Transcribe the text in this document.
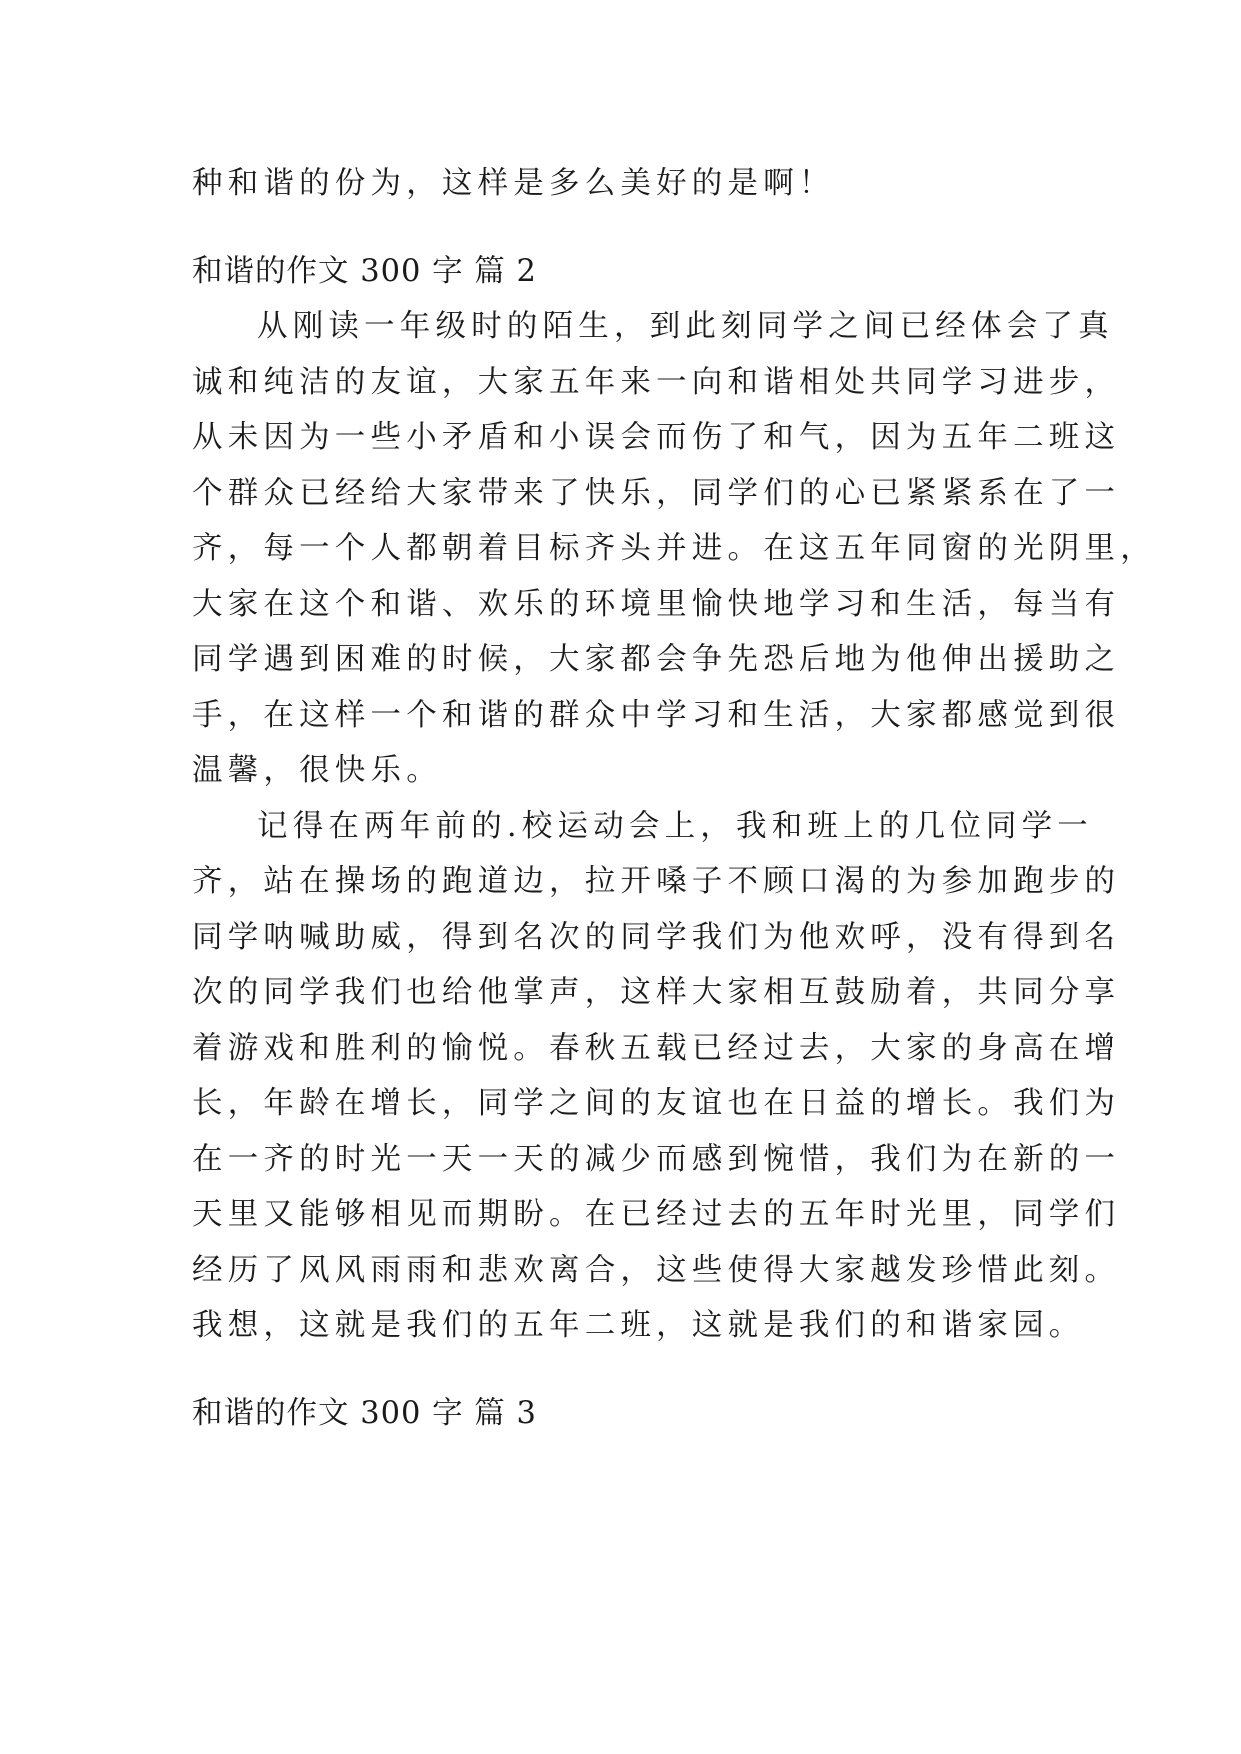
种和谐的份为，这样是多么美好的是啊！
和谐的作文 300 字 篇 2
从刚读一年级时的陌生，到此刻同学之间已经体会了真
诚和纯洁的友谊，大家五年来一向和谐相处共同学习进步，
从未因为一些小矛盾和小误会而伤了和气，因为五年二班这
个群众已经给大家带来了快乐，同学们的心已紧紧系在了一
齐，每一个人都朝着目标齐头并进。在这五年同窗的光阴里，
大家在这个和谐、欢乐的环境里愉快地学习和生活，每当有
同学遇到困难的时候，大家都会争先恐后地为他伸出援助之
手，在这样一个和谐的群众中学习和生活，大家都感觉到很
温馨，很快乐。
记得在两年前的.校运动会上，我和班上的几位同学一
齐，站在操场的跑道边，拉开嗓子不顾口渴的为参加跑步的
同学呐喊助威，得到名次的同学我们为他欢呼，没有得到名
次的同学我们也给他掌声，这样大家相互鼓励着，共同分享
着游戏和胜利的愉悦。春秋五载已经过去，大家的身高在增
长，年龄在增长，同学之间的友谊也在日益的增长。我们为
在一齐的时光一天一天的减少而感到惋惜，我们为在新的一
天里又能够相见而期盼。在已经过去的五年时光里，同学们
经历了风风雨雨和悲欢离合，这些使得大家越发珍惜此刻。
我想，这就是我们的五年二班，这就是我们的和谐家园。
和谐的作文 300 字 篇 3
